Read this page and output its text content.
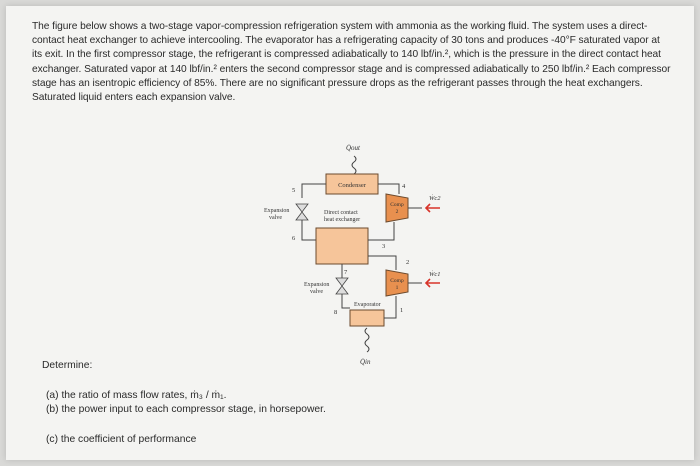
The figure below shows a two-stage vapor-compression refrigeration system with ammonia as the working fluid. The system uses a direct-contact heat exchanger to achieve intercooling. The evaporator has a refrigerating capacity of 30 tons and produces -40°F saturated vapor at its exit. In the first compressor stage, the refrigerant is compressed adiabatically to 140 lbf/in.², which is the pressure in the direct contact heat exchanger. Saturated vapor at 140 lbf/in.² enters the second compressor stage and is compressed adiabatically to 250 lbf/in.² Each compressor stage has an isentropic efficiency of 85%. There are no significant pressure drops as the refrigerant passes through the heat exchangers. Saturated liquid enters each expansion valve.
Q̇out
Condenser
5
4
Expansion
valve
6
Direct contact
heat exchanger
Comp
2
Ẇc2
3
7
Expansion
valve
8
2
Comp
1
Ẇc1
Evaporator
1
Q̇in
Determine:
(a) the ratio of mass flow rates, ṁ₃ / ṁ₁.
(b) the power input to each compressor stage, in horsepower.
(c) the coefficient of performance
